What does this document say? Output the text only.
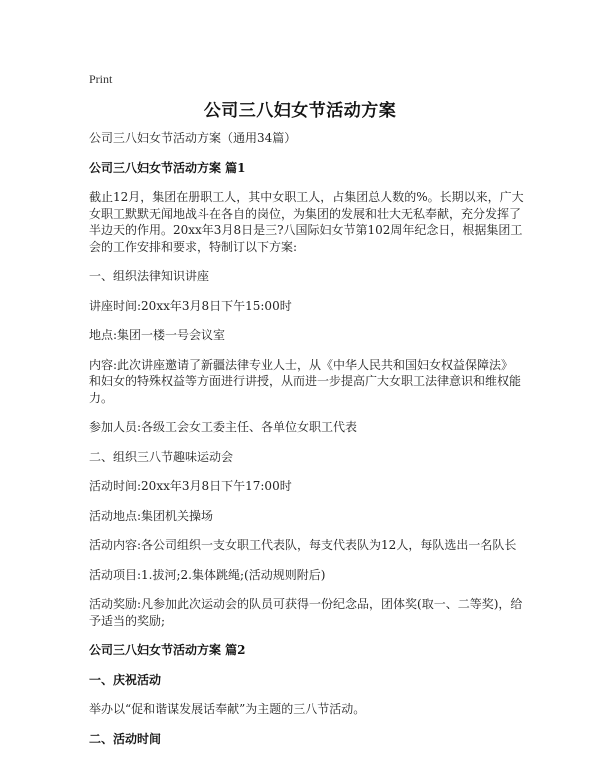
Print
公司三八妇女节活动方案
公司三八妇女节活动方案（通用34篇）
公司三八妇女节活动方案 篇1
截止12月，集团在册职工人，其中女职工人，占集团总人数的%。长期以来，广大女职工默默无闻地战斗在各自的岗位，为集团的发展和壮大无私奉献，充分发挥了半边天的作用。20xx年3月8日是三?八国际妇女节第102周年纪念日，根据集团工会的工作安排和要求，特制订以下方案:
一、组织法律知识讲座
讲座时间:20xx年3月8日下午15:00时
地点:集团一楼一号会议室
内容:此次讲座邀请了新疆法律专业人士，从《中华人民共和国妇女权益保障法》和妇女的特殊权益等方面进行讲授，从而进一步提高广大女职工法律意识和维权能力。
参加人员:各级工会女工委主任、各单位女职工代表
二、组织三八节趣味运动会
活动时间:20xx年3月8日下午17:00时
活动地点:集团机关操场
活动内容:各公司组织一支女职工代表队，每支代表队为12人，每队选出一名队长
活动项目:1.拔河;2.集体跳绳;(活动规则附后)
活动奖励:凡参加此次运动会的队员可获得一份纪念品，团体奖(取一、二等奖)，给予适当的奖励;
公司三八妇女节活动方案 篇2
一、庆祝活动
举办以“促和谐谋发展话奉献”为主题的三八节活动。
二、活动时间
